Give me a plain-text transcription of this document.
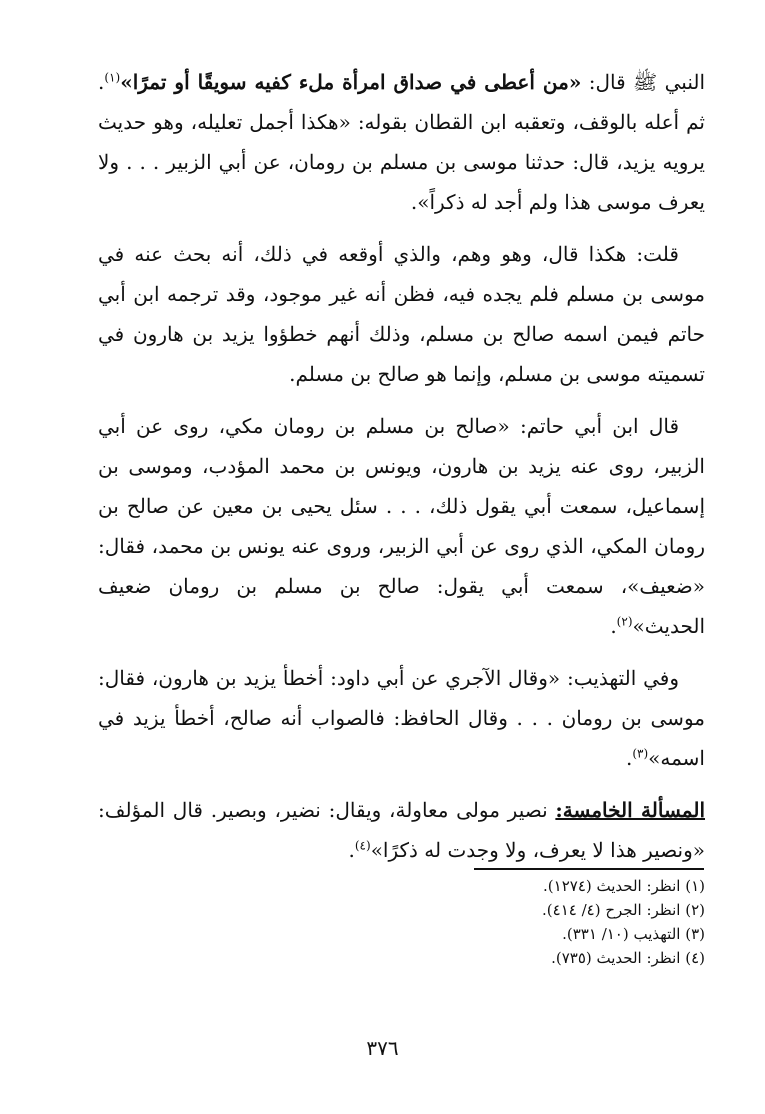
النبي ﷺ قال: «من أعطى في صداق امرأة ملء كفيه سويقًا أو تمرًا»$^{(١)}$. ثم أعله بالوقف، وتعقبه ابن القطان بقوله: «هكذا أجمل تعليله، وهو حديث يرويه يزيد، قال: حدثنا موسى بن مسلم بن رومان، عن أبي الزبير . . . ولا يعرف موسى هذا ولم أجد له ذكراً».

قلت: هكذا قال، وهو وهم، والذي أوقعه في ذلك، أنه بحث عنه في موسى بن مسلم فلم يجده فيه، فظن أنه غير موجود، وقد ترجمه ابن أبي حاتم فيمن اسمه صالح بن مسلم، وذلك أنهم خطؤوا يزيد بن هارون في تسميته موسى بن مسلم، وإنما هو صالح بن مسلم.

قال ابن أبي حاتم: «صالح بن مسلم بن رومان مكي، روى عن أبي الزبير، روى عنه يزيد بن هارون، ويونس بن محمد المؤدب، وموسى بن إسماعيل، سمعت أبي يقول ذلك، . . . سئل يحيى بن معين عن صالح بن رومان المكي، الذي روى عن أبي الزبير، وروى عنه يونس بن محمد، فقال: «ضعيف»، سمعت أبي يقول: صالح بن مسلم بن رومان ضعيف الحديث»$^{(٢)}$.

وفي التهذيب: «وقال الآجري عن أبي داود: أخطأ يزيد بن هارون، فقال: موسى بن رومان . . . وقال الحافظ: فالصواب أنه صالح، أخطأ يزيد في اسمه»$^{(٣)}$.

المسألة الخامسة: نصير مولى معاولة، ويقال: نضير، وبصير. قال المؤلف: «ونصير هذا لا يعرف، ولا وجدت له ذكرًا»$^{(٤)}$.

(١) انظر: الحديث (١٢٧٤).

(٢) انظر: الجرح (٤/ ٤١٤).

(٣) التهذيب (١٠/ ٣٣١).

(٤) انظر: الحديث (٧٣٥).

٣٧٦
